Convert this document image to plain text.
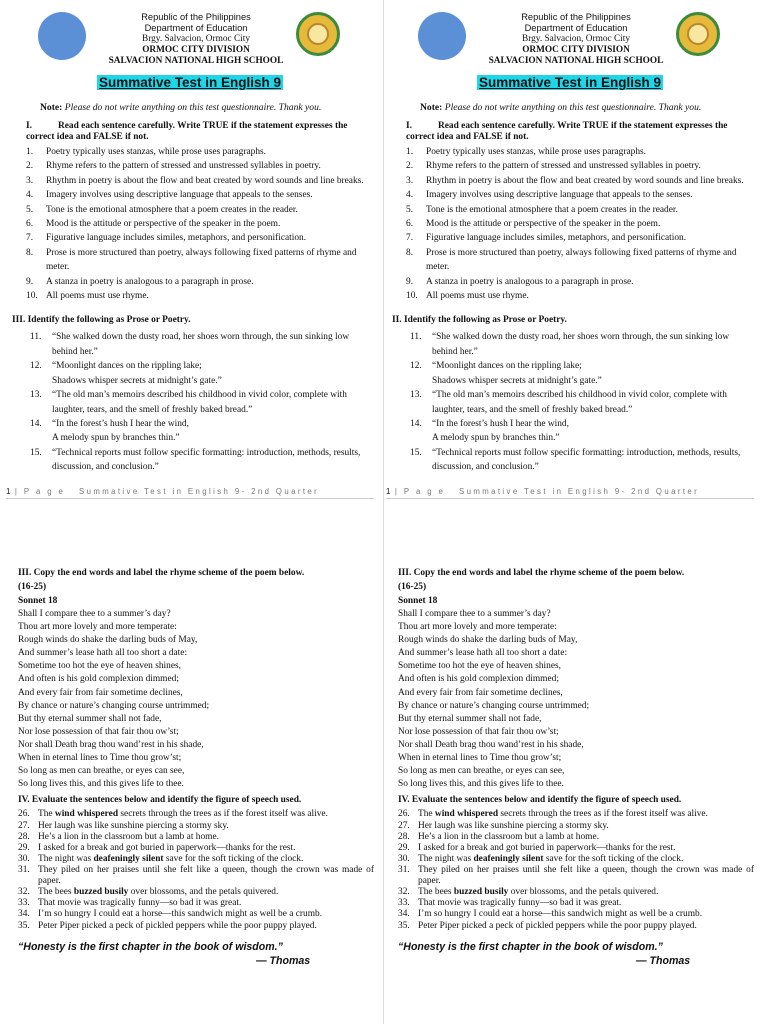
Republic of the Philippines
Department of Education
Brgy. Salvacion, Ormoc City
ORMOC CITY DIVISION
SALVACION NATIONAL HIGH SCHOOL
Summative Test in English 9
Note: Please do not write anything on this test questionnaire. Thank you.
I.	Read each sentence carefully. Write TRUE if the statement expresses the correct idea and FALSE if not.
1.	Poetry typically uses stanzas, while prose uses paragraphs.
2.	Rhyme refers to the pattern of stressed and unstressed syllables in poetry.
3.	Rhythm in poetry is about the flow and beat created by word sounds and line breaks.
4.	Imagery involves using descriptive language that appeals to the senses.
5.	Tone is the emotional atmosphere that a poem creates in the reader.
6.	Mood is the attitude or perspective of the speaker in the poem.
7.	Figurative language includes similes, metaphors, and personification.
8.	Prose is more structured than poetry, always following fixed patterns of rhyme and meter.
9.	A stanza in poetry is analogous to a paragraph in prose.
10. All poems must use rhyme.
III. Identify the following as Prose or Poetry.
11.	“She walked down the dusty road, her shoes worn through, the sun sinking low behind her.”
12.	“Moonlight dances on the rippling lake;
Shadows whisper secrets at midnight’s gate.”
13.	“The old man’s memoirs described his childhood in vivid color, complete with laughter, tears, and the smell of freshly baked bread.”
14.	“In the forest’s hush I hear the wind,
A melody spun by branches thin.”
15.	“Technical reports must follow specific formatting: introduction, methods, results, discussion, and conclusion.”
1 | P a g e Summative Test in English 9- 2nd Quarter
Republic of the Philippines
Department of Education
Brgy. Salvacion, Ormoc City
ORMOC CITY DIVISION
SALVACION NATIONAL HIGH SCHOOL
Summative Test in English 9
Note: Please do not write anything on this test questionnaire. Thank you.
I.	Read each sentence carefully. Write TRUE if the statement expresses the correct idea and FALSE if not.
1.	Poetry typically uses stanzas, while prose uses paragraphs.
2.	Rhyme refers to the pattern of stressed and unstressed syllables in poetry.
3.	Rhythm in poetry is about the flow and beat created by word sounds and line breaks.
4.	Imagery involves using descriptive language that appeals to the senses.
5.	Tone is the emotional atmosphere that a poem creates in the reader.
6.	Mood is the attitude or perspective of the speaker in the poem.
7.	Figurative language includes similes, metaphors, and personification.
8.	Prose is more structured than poetry, always following fixed patterns of rhyme and meter.
9.	A stanza in poetry is analogous to a paragraph in prose.
10. All poems must use rhyme.
II. Identify the following as Prose or Poetry.
11.	“She walked down the dusty road, her shoes worn through, the sun sinking low behind her.”
12.	“Moonlight dances on the rippling lake;
Shadows whisper secrets at midnight’s gate.”
13.	“The old man’s memoirs described his childhood in vivid color, complete with laughter, tears, and the smell of freshly baked bread.”
14.	“In the forest’s hush I hear the wind,
A melody spun by branches thin.”
15.	“Technical reports must follow specific formatting: introduction, methods, results, discussion, and conclusion.”
1 | P a g e Summative Test in English 9- 2nd Quarter
III. Copy the end words and label the rhyme scheme of the poem below.
(16-25)
Sonnet 18
Shall I compare thee to a summer’s day?
Thou art more lovely and more temperate:
Rough winds do shake the darling buds of May,
And summer’s lease hath all too short a date:
Sometime too hot the eye of heaven shines,
And often is his gold complexion dimmed;
And every fair from fair sometime declines,
By chance or nature’s changing course untrimmed;
But thy eternal summer shall not fade,
Nor lose possession of that fair thou ow’st;
Nor shall Death brag thou wand’rest in his shade,
When in eternal lines to Time thou grow’st;
So long as men can breathe, or eyes can see,
So long lives this, and this gives life to thee.
IV. Evaluate the sentences below and identify the figure of speech used.
26. The wind whispered secrets through the trees as if the forest itself was alive.
27. Her laugh was like sunshine piercing a stormy sky.
28. He’s a lion in the classroom but a lamb at home.
29. I asked for a break and got buried in paperwork—thanks for the rest.
30. The night was deafeningly silent save for the soft ticking of the clock.
31. They piled on her praises until she felt like a queen, though the crown was made of paper.
32. The bees buzzed busily over blossoms, and the petals quivered.
33. That movie was tragically funny—so bad it was great.
34. I’m so hungry I could eat a horse—this sandwich might as well be a crumb.
35. Peter Piper picked a peck of pickled peppers while the poor puppy played.
“Honesty is the first chapter in the book of wisdom.”
— Thomas
III. Copy the end words and label the rhyme scheme of the poem below.
(16-25)
Sonnet 18
Shall I compare thee to a summer’s day?
Thou art more lovely and more temperate:
Rough winds do shake the darling buds of May,
And summer’s lease hath all too short a date:
Sometime too hot the eye of heaven shines,
And often is his gold complexion dimmed;
And every fair from fair sometime declines,
By chance or nature’s changing course untrimmed;
But thy eternal summer shall not fade,
Nor lose possession of that fair thou ow’st;
Nor shall Death brag thou wand’rest in his shade,
When in eternal lines to Time thou grow’st;
So long as men can breathe, or eyes can see,
So long lives this, and this gives life to thee.
IV. Evaluate the sentences below and identify the figure of speech used.
26. The wind whispered secrets through the trees as if the forest itself was alive.
27. Her laugh was like sunshine piercing a stormy sky.
28. He’s a lion in the classroom but a lamb at home.
29. I asked for a break and got buried in paperwork—thanks for the rest.
30. The night was deafeningly silent save for the soft ticking of the clock.
31. They piled on her praises until she felt like a queen, though the crown was made of paper.
32. The bees buzzed busily over blossoms, and the petals quivered.
33. That movie was tragically funny—so bad it was great.
34. I’m so hungry I could eat a horse—this sandwich might as well be a crumb.
35. Peter Piper picked a peck of pickled peppers while the poor puppy played.
“Honesty is the first chapter in the book of wisdom.”
— Thomas
